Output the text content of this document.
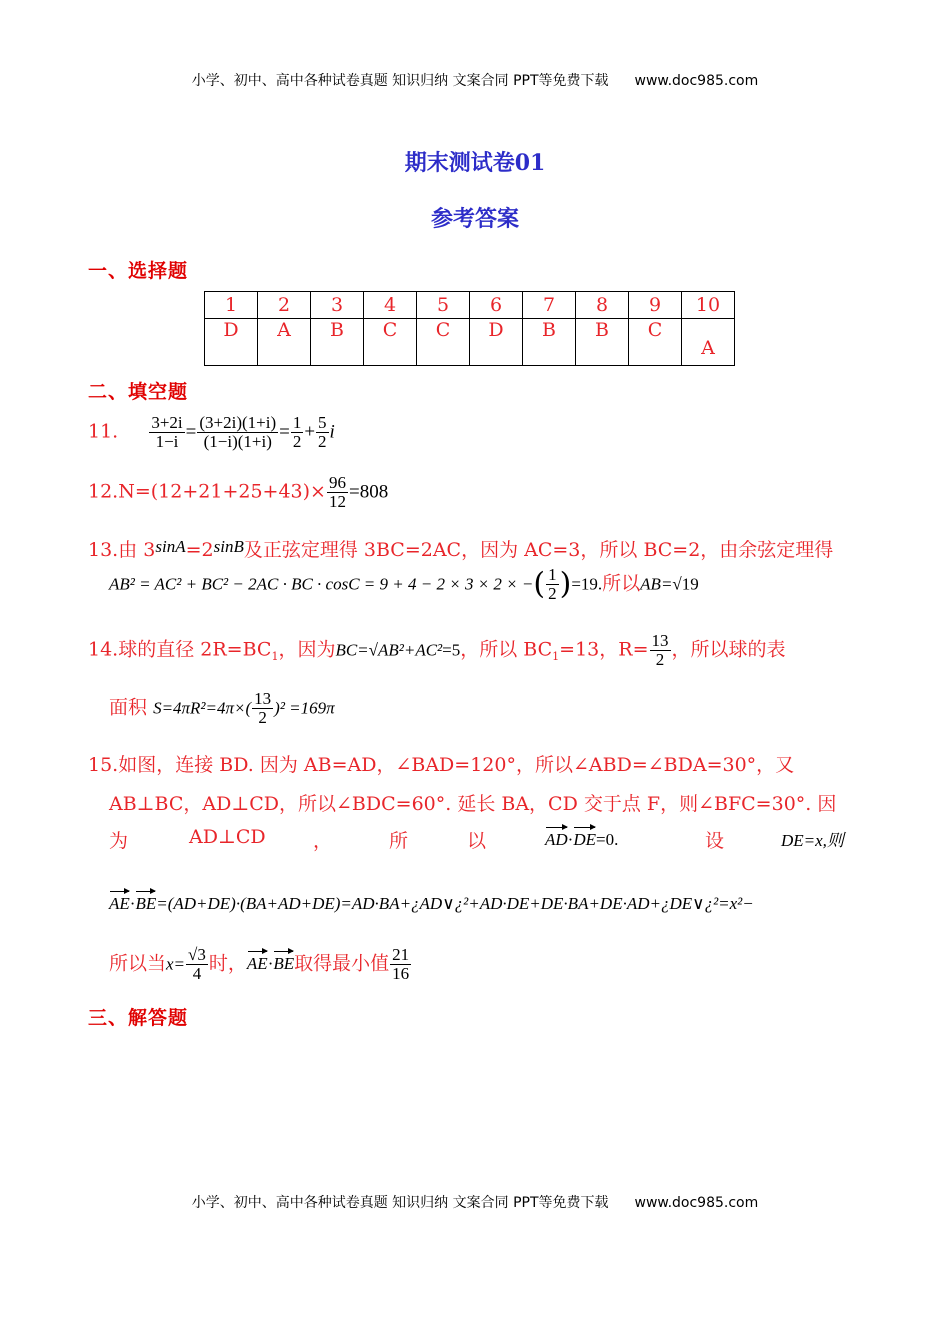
小学、初中、高中各种试卷真题 知识归纳 文案合同 PPT等免费下载 www.doc985.com
期末测试卷01
参考答案
一、选择题
1	2	3	4	5	6	7	8	9	10
D	A	B	C	C	D	B	B	C	A
二、填空题
11. $\frac{3+2i}{1-i} = \frac{(3+2i)(1+i)}{(1-i)(1+i)} = \frac{1}{2} + \frac{5}{2}$ i
$12.N=(12+21+25+43)\times \frac{96}{12} =808$
13.由 $3^{sinA}=2^{sinB}$及正弦定理得 3BC=2AC，因为 AC=3，所以 BC=2，由余弦定理得
AB² = AC² + BC² − 2AC · BC · cosC = 9 + 4 − 2 × 3 × 2 × −( $\frac{1}{2} )=19$.所以AB=√19
14.球的直径 $2R=BC_1$，因为BC=√AB²+AC²=5，所以 $BC_1=13$，$R= \frac{13}{2}$ ，所以球的表
面积 $S=4\pi R^2=4\pi\times( \frac{13}{2} )^2 =169\pi$
15.如图，连接 BD. 因为 AB=AD，∠BAD=120°，所以∠ABD=∠BDA=30°，又
AB⊥BC，AD⊥CD，所以∠BDC=60°. 延长 BA，CD 交于点 F，则∠BFC=30°. 因
为	AD⊥CD ，	所	以	AD·DE=0.	设	DE=x,则
AE·BE=(AD+DE)·(BA+AD+DE)=AD·BA+¿AD∨¿²+AD·DE+DE·BA+DE·AD+¿DE∨¿²=x²−
所以当$x= \frac{√3}{4}$ 时，AE·BE取得最小值 $\frac{21}{16}$
三、解答题
小学、初中、高中各种试卷真题 知识归纳 文案合同 PPT等免费下载 www.doc985.com
